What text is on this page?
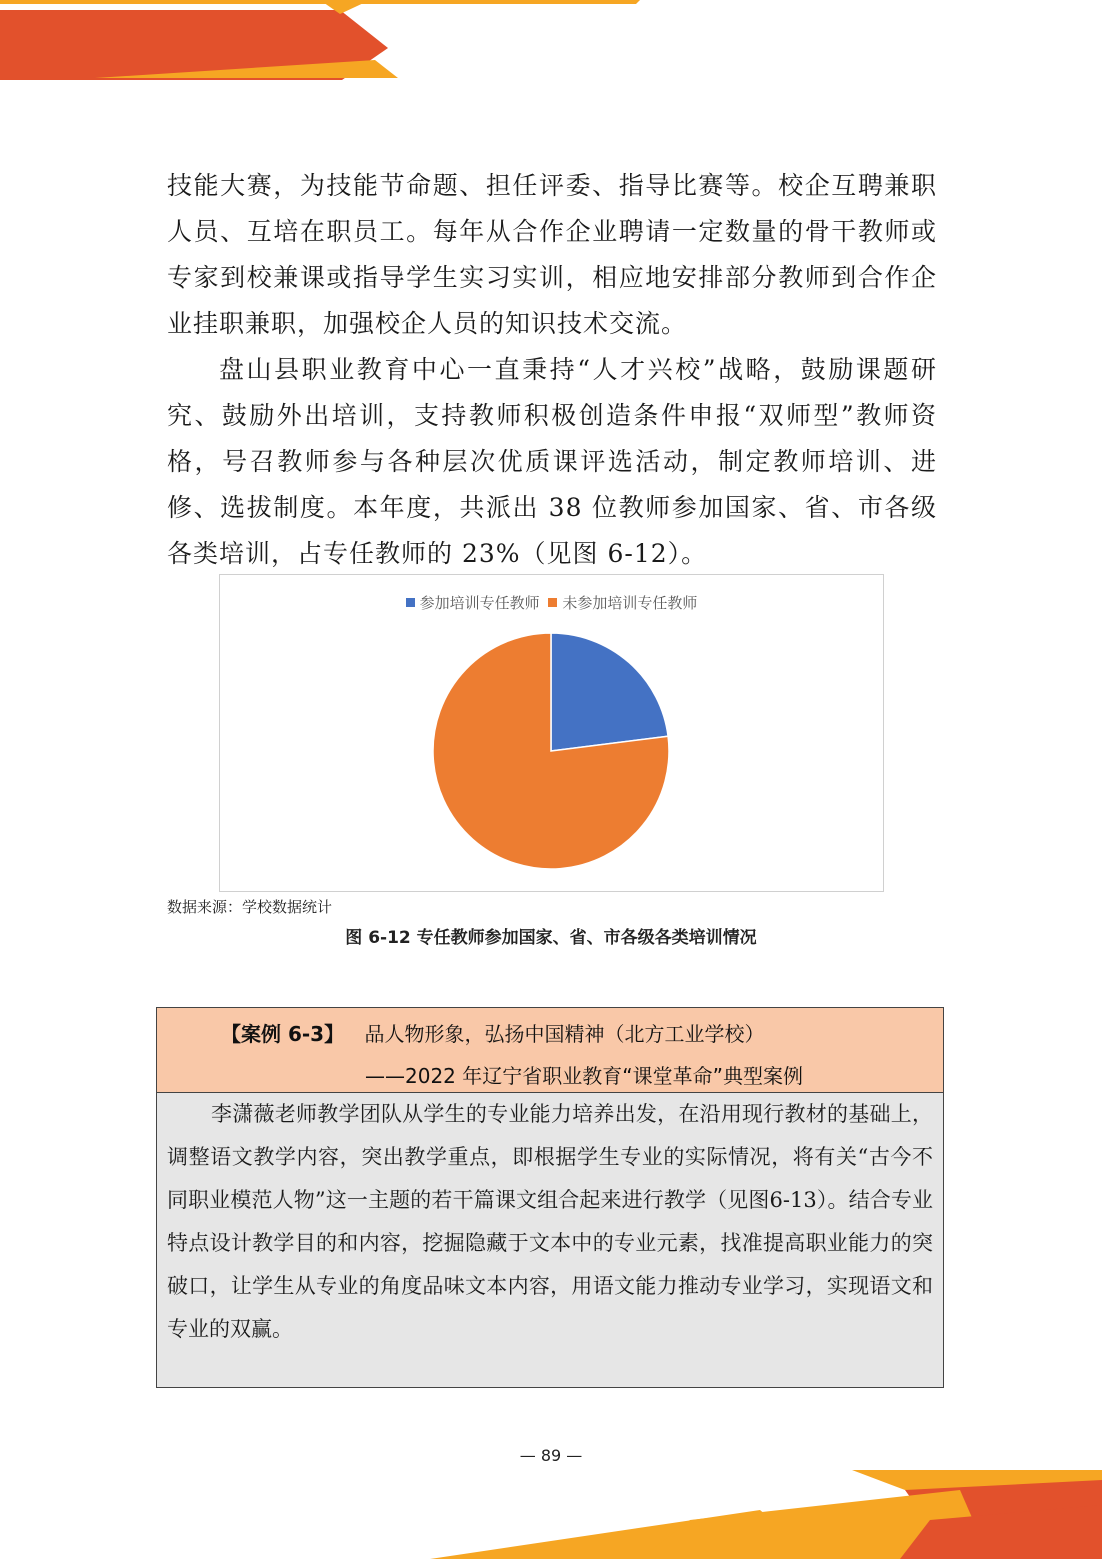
技能大赛，为技能节命题、担任评委、指导比赛等。校企互聘兼职人员、互培在职员工。每年从合作企业聘请一定数量的骨干教师或专家到校兼课或指导学生实习实训，相应地安排部分教师到合作企业挂职兼职，加强校企人员的知识技术交流。

盘山县职业教育中心一直秉持“人才兴校”战略，鼓励课题研究、鼓励外出培训，支持教师积极创造条件申报“双师型”教师资格，号召教师参与各种层次优质课评选活动，制定教师培训、进修、选拔制度。本年度，共派出 38 位教师参加国家、省、市各级各类培训，占专任教师的 23%（见图 6-12）。

参加培训专任教师 未参加培训专任教师
数据来源：学校数据统计
图 6-12 专任教师参加国家、省、市各级各类培训情况
【案例 6-3】 品人物形象，弘扬中国精神（北方工业学校）
——2022 年辽宁省职业教育“课堂革命”典型案例

李潇薇老师教学团队从学生的专业能力培养出发，在沿用现行教材的基础上，调整语文教学内容，突出教学重点，即根据学生专业的实际情况，将有关“古今不同职业模范人物”这一主题的若干篇课文组合起来进行教学（见图6-13）。结合专业特点设计教学目的和内容，挖掘隐藏于文本中的专业元素，找准提高职业能力的突破口，让学生从专业的角度品味文本内容，用语文能力推动专业学习，实现语文和专业的双赢。

— 89 —
